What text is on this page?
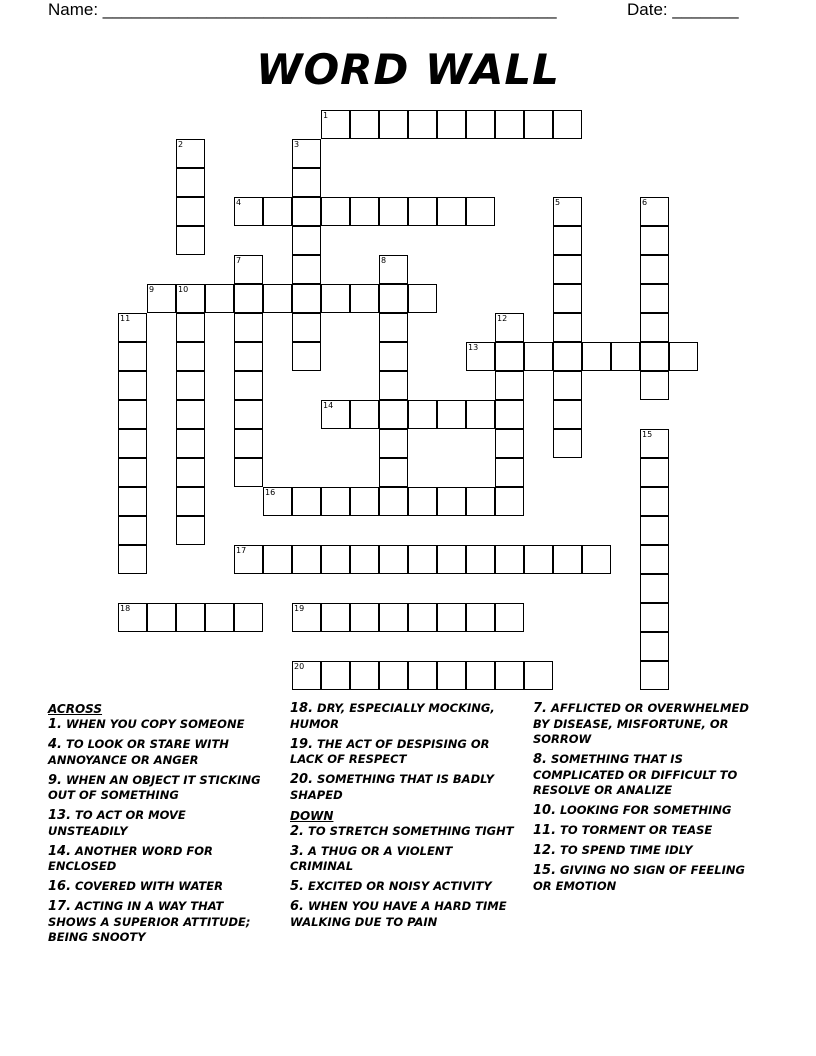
Name: ________________________________________________	Date: _______
WORD WALL
1
2	3
4	5	6
7	8
9	10
11	12
13
14
15
16
17
18	19
20
ACROSS
1. WHEN YOU COPY SOMEONE
4. TO LOOK OR STARE WITH ANNOYANCE OR ANGER
9. WHEN AN OBJECT IT STICKING OUT OF SOMETHING
13. TO ACT OR MOVE UNSTEADILY
14. ANOTHER WORD FOR ENCLOSED
16. COVERED WITH WATER
17. ACTING IN A WAY THAT SHOWS A SUPERIOR ATTITUDE; BEING SNOOTY
18. DRY, ESPECIALLY MOCKING, HUMOR
19. THE ACT OF DESPISING OR LACK OF RESPECT
20. SOMETHING THAT IS BADLY SHAPED
DOWN
2. TO STRETCH SOMETHING TIGHT
3. A THUG OR A VIOLENT CRIMINAL
5. EXCITED OR NOISY ACTIVITY
6. WHEN YOU HAVE A HARD TIME WALKING DUE TO PAIN
7. AFFLICTED OR OVERWHELMED BY DISEASE, MISFORTUNE, OR SORROW
8. SOMETHING THAT IS COMPLICATED OR DIFFICULT TO RESOLVE OR ANALIZE
10. LOOKING FOR SOMETHING
11. TO TORMENT OR TEASE
12. TO SPEND TIME IDLY
15. GIVING NO SIGN OF FEELING OR EMOTION
